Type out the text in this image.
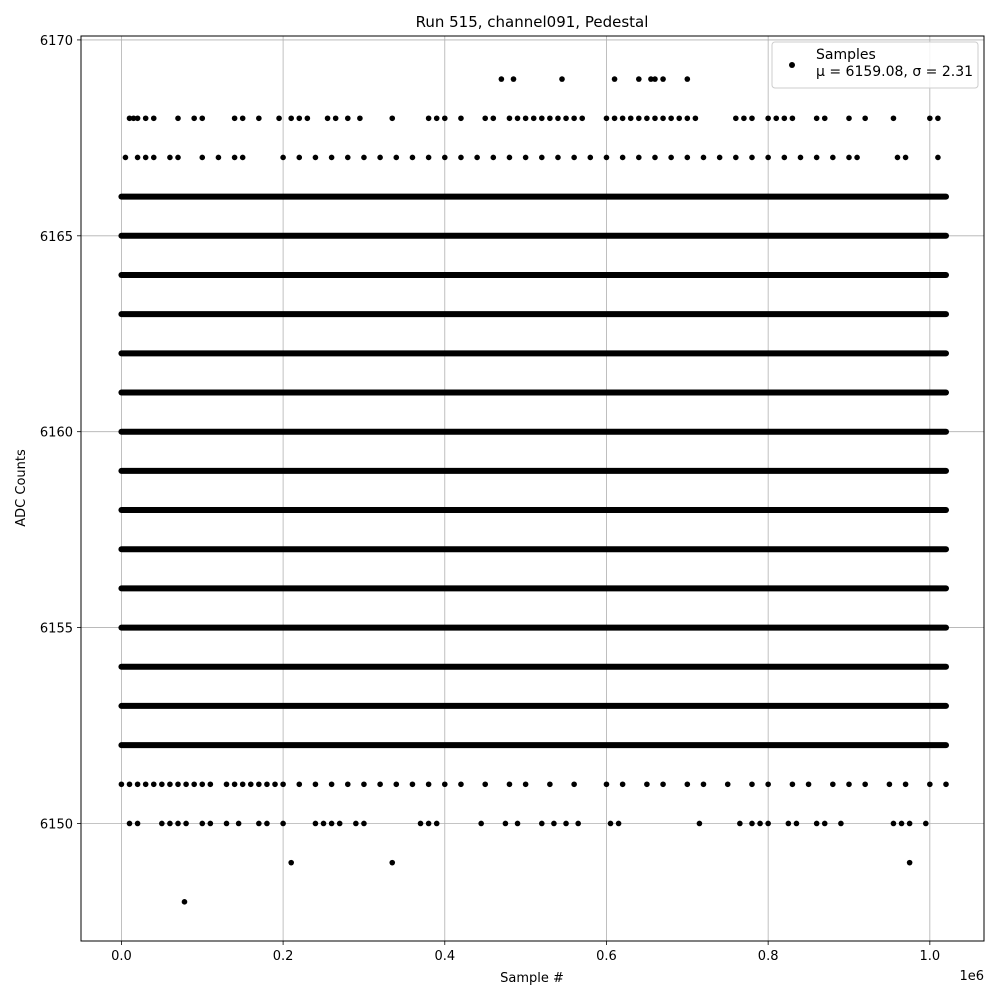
Run 515, channel091, Pedestal
0.0	0.2	0.4	0.6	0.8	1.0
6150
6155
6160
6165
6170
Sample #	1e6
ADC Counts
Samples
μ = 6159.08, σ = 2.31
